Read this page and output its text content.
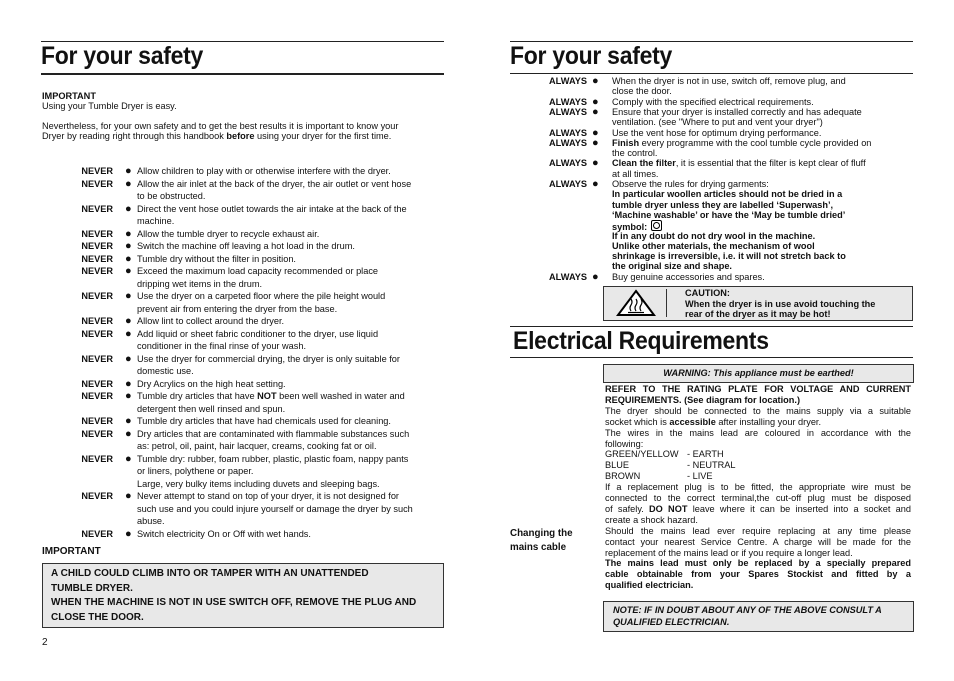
For your safety
IMPORTANT
Using your Tumble Dryer is easy.
Nevertheless, for your own safety and to get the best results it is important to know your
Dryer by reading right through this handbook before using your dryer for the first time.
NEVER ● Allow children to play with or otherwise interfere with the dryer.
NEVER ● Allow the air inlet at the back of the dryer, the air outlet or vent hose
to be obstructed.
NEVER ● Direct the vent hose outlet towards the air intake at the back of the
machine.
NEVER ● Allow the tumble dryer to recycle exhaust air.
NEVER ● Switch the machine off leaving a hot load in the drum.
NEVER ● Tumble dry without the filter in position.
NEVER ● Exceed the maximum load capacity recommended or place
dripping wet items in the drum.
NEVER ● Use the dryer on a carpeted floor where the pile height would
prevent air from entering the dryer from the base.
NEVER ● Allow lint to collect around the dryer.
NEVER ● Add liquid or sheet fabric conditioner to the dryer, use liquid
conditioner in the final rinse of your wash.
NEVER ● Use the dryer for commercial drying, the dryer is only suitable for
domestic use.
NEVER ● Dry Acrylics on the high heat setting.
NEVER ● Tumble dry articles that have NOT been well washed in water and
detergent then well rinsed and spun.
NEVER ● Tumble dry articles that have had chemicals used for cleaning.
NEVER ● Dry articles that are contaminated with flammable substances such
as: petrol, oil, paint, hair lacquer, creams, cooking fat or oil.
NEVER ● Tumble dry: rubber, foam rubber, plastic, plastic foam, nappy pants
or liners, polythene or paper.
Large, very bulky items including duvets and sleeping bags.
NEVER ● Never attempt to stand on top of your dryer, it is not designed for
such use and you could injure yourself or damage the dryer by such
abuse.
NEVER ● Switch electricity On or Off with wet hands.
IMPORTANT
A CHILD COULD CLIMB INTO OR TAMPER WITH AN UNATTENDED
TUMBLE DRYER.
WHEN THE MACHINE IS NOT IN USE SWITCH OFF, REMOVE THE PLUG AND
CLOSE THE DOOR.
2
For your safety
ALWAYS ● When the dryer is not in use, switch off, remove plug, and
close the door.
ALWAYS ● Comply with the specified electrical requirements.
ALWAYS ● Ensure that your dryer is installed correctly and has adequate
ventilation. (see "Where to put and vent your dryer")
ALWAYS ● Use the vent hose for optimum drying performance.
ALWAYS ● Finish every programme with the cool tumble cycle provided on
the control.
ALWAYS ● Clean the filter, it is essential that the filter is kept clear of fluff
at all times.
ALWAYS ● Observe the rules for drying garments:
In particular woollen articles should not be dried in a
tumble dryer unless they are labelled ‘Superwash’,
‘Machine washable’ or have the ‘May be tumble dried’
symbol:
If in any doubt do not dry wool in the machine.
Unlike other materials, the mechanism of wool
shrinkage is irreversible, i.e. it will not stretch back to
the original size and shape.
ALWAYS ● Buy genuine accessories and spares.
CAUTION:
When the dryer is in use avoid touching the
rear of the dryer as it may be hot!
Electrical Requirements
WARNING: This appliance must be earthed!
REFER TO THE RATING PLATE FOR VOLTAGE AND CURRENT
REQUIREMENTS. (See diagram for location.)
The dryer should be connected to the mains supply via a suitable
socket which is accessible after installing your dryer.
The wires in the mains lead are coloured in accordance with the
following:
GREEN/YELLOW - EARTH
BLUE	- NEUTRAL
BROWN	- LIVE
If a replacement plug is to be fitted, the appropriate wire must be
connected to the correct terminal,the cut-off plug must be disposed
of safely. DO NOT leave where it can be inserted into a socket and
create a shock hazard.
Should the mains lead ever require replacing at any time please
contact your nearest Service Centre. A charge will be made for the
replacement of the mains lead or if you require a longer lead.
The mains lead must only be replaced by a specially prepared
cable obtainable from your Spares Stockist and fitted by a
qualified electrician.
Changing the
mains cable
NOTE: IF IN DOUBT ABOUT ANY OF THE ABOVE CONSULT A
QUALIFIED ELECTRICIAN.
